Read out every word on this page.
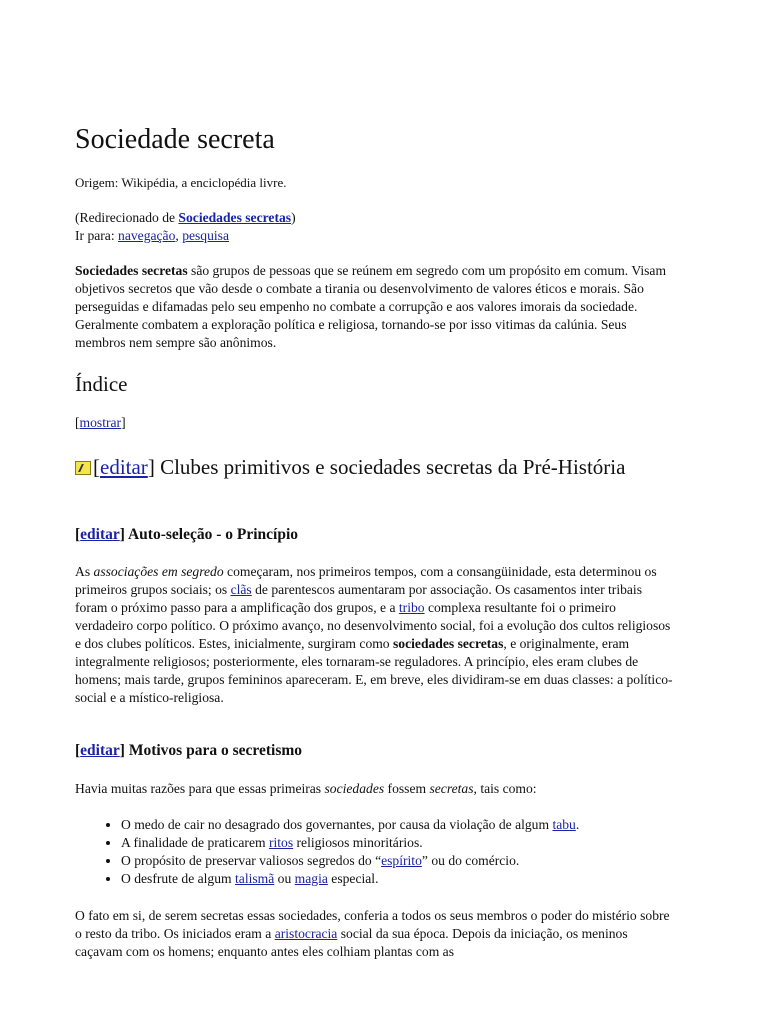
Sociedade secreta

Origem: Wikipédia, a enciclopédia livre.

(Redirecionado de Sociedades secretas)

Ir para: navegação, pesquisa

Sociedades secretas são grupos de pessoas que se reúnem em segredo com um propósito em comum. Visam objetivos secretos que vão desde o combate a tirania ou desenvolvimento de valores éticos e morais. São perseguidas e difamadas pelo seu empenho no combate a corrupção e aos valores imorais da sociedade. Geralmente combatem a exploração política e religiosa, tornando-se por isso vitimas da calúnia. Seus membros nem sempre são anônimos.

Índice
[mostrar]
[editar] Clubes primitivos e sociedades secretas da Pré-História
[editar] Auto-seleção - o Princípio

As associações em segredo começaram, nos primeiros tempos, com a consangüinidade, esta determinou os primeiros grupos sociais; os clãs de parentescos aumentaram por associação. Os casamentos inter tribais foram o próximo passo para a amplificação dos grupos, e a tribo complexa resultante foi o primeiro verdadeiro corpo político. O próximo avanço, no desenvolvimento social, foi a evolução dos cultos religiosos e dos clubes políticos. Estes, inicialmente, surgiram como sociedades secretas, e originalmente, eram integralmente religiosos; posteriormente, eles tornaram-se reguladores. A princípio, eles eram clubes de homens; mais tarde, grupos femininos apareceram. E, em breve, eles dividiram-se em duas classes: a político-social e a místico-religiosa.

[editar] Motivos para o secretismo

Havia muitas razões para que essas primeiras sociedades fossem secretas, tais como:

• O medo de cair no desagrado dos governantes, por causa da violação de algum tabu.
• A finalidade de praticarem ritos religiosos minoritários.
• O propósito de preservar valiosos segredos do “espírito” ou do comércio.
• O desfrute de algum talismã ou magia especial.

O fato em si, de serem secretas essas sociedades, conferia a todos os seus membros o poder do mistério sobre o resto da tribo. Os iniciados eram a aristocracia social da sua época. Depois da iniciação, os meninos caçavam com os homens; enquanto antes eles colhiam plantas com as
